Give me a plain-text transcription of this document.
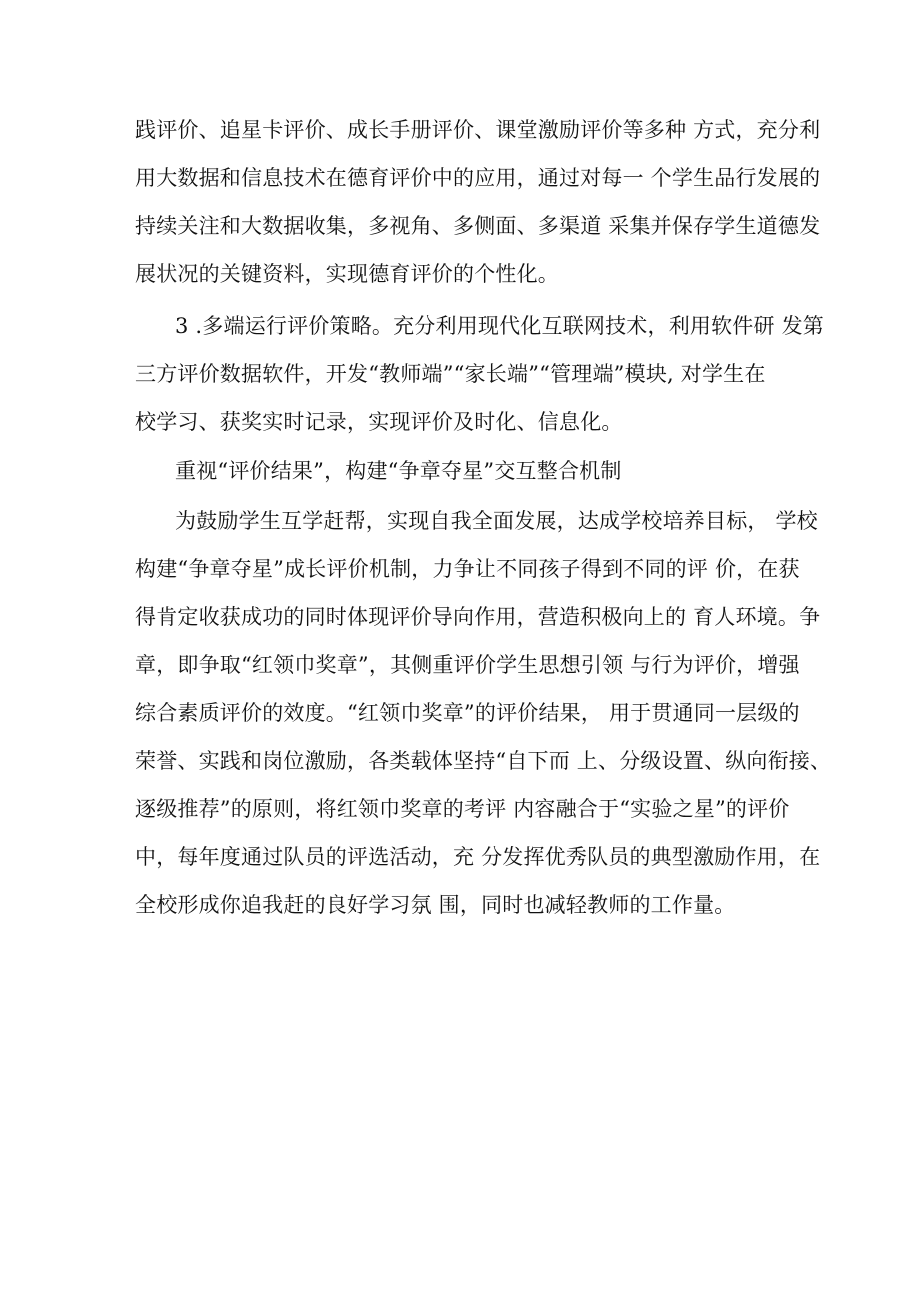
践评价、追星卡评价、成长手册评价、课堂激励评价等多种 方式，充分利
用大数据和信息技术在德育评价中的应用，通过对每一 个学生品行发展的
持续关注和大数据收集，多视角、多侧面、多渠道 采集并保存学生道德发
展状况的关键资料，实现德育评价的个性化。
3 .多端运行评价策略。充分利用现代化互联网技术，利用软件研 发第
三方评价数据软件，开发“教师端”“家长端”“管理端”模块, 对学生在
校学习、获奖实时记录，实现评价及时化、信息化。
重视“评价结果”，构建“争章夺星”交互整合机制
为鼓励学生互学赶帮，实现自我全面发展，达成学校培养目标， 学校
构建“争章夺星”成长评价机制，力争让不同孩子得到不同的评 价，在获
得肯定收获成功的同时体现评价导向作用，营造积极向上的 育人环境。争
章，即争取“红领巾奖章”，其侧重评价学生思想引领 与行为评价，增强
综合素质评价的效度。“红领巾奖章”的评价结果， 用于贯通同一层级的
荣誉、实践和岗位激励，各类载体坚持“自下而 上、分级设置、纵向衔接、
逐级推荐”的原则，将红领巾奖章的考评 内容融合于“实验之星”的评价
中，每年度通过队员的评选活动，充 分发挥优秀队员的典型激励作用，在
全校形成你追我赶的良好学习氛 围，同时也减轻教师的工作量。
